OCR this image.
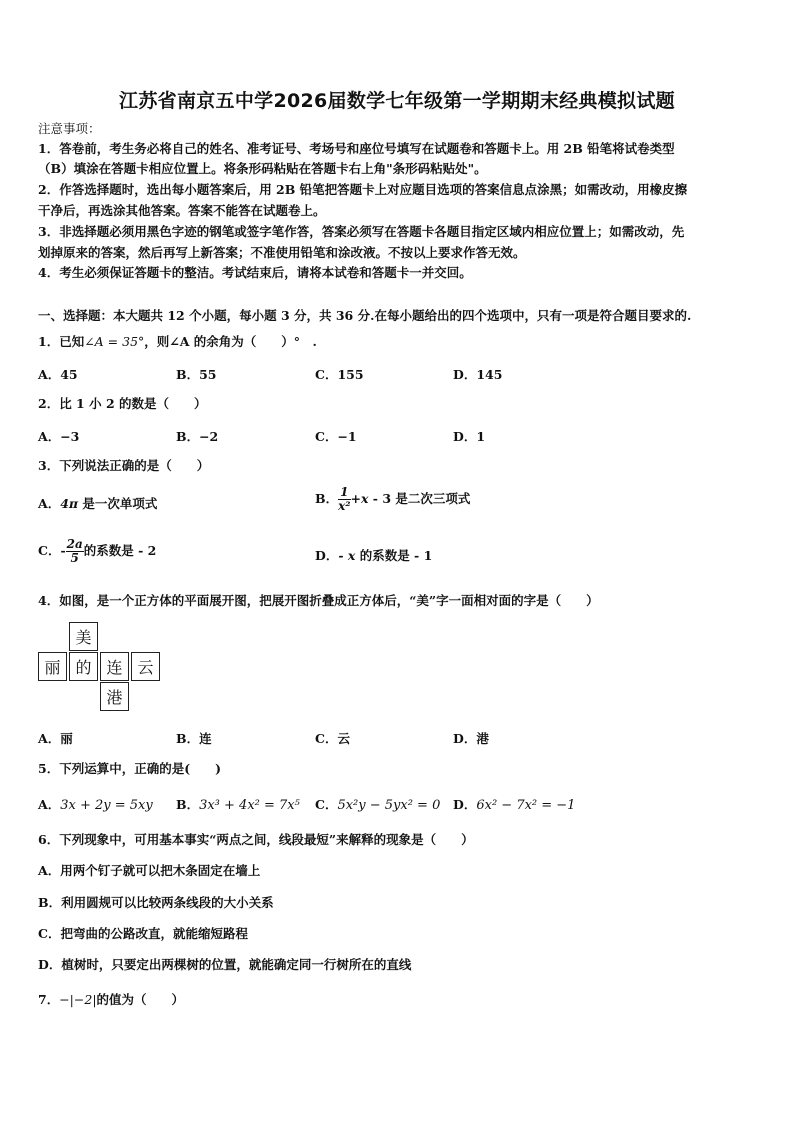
江苏省南京五中学2026届数学七年级第一学期期末经典模拟试题
注意事项：
1．答卷前，考生务必将自己的姓名、准考证号、考场号和座位号填写在试题卷和答题卡上。用 2B 铅笔将试卷类型
（B）填涂在答题卡相应位置上。将条形码粘贴在答题卡右上角"条形码粘贴处"。
2．作答选择题时，选出每小题答案后，用 2B 铅笔把答题卡上对应题目选项的答案信息点涂黑；如需改动，用橡皮擦
干净后，再选涂其他答案。答案不能答在试题卷上。
3．非选择题必须用黑色字迹的钢笔或签字笔作答，答案必须写在答题卡各题目指定区域内相应位置上；如需改动，先
划掉原来的答案，然后再写上新答案；不准使用铅笔和涂改液。不按以上要求作答无效。
4．考生必须保证答题卡的整洁。考试结束后，请将本试卷和答题卡一并交回。
一、选择题：本大题共 12 个小题，每小题 3 分，共 36 分.在每小题给出的四个选项中，只有一项是符合题目要求的.
1．已知∠A = 35°，则∠A 的余角为（　　）°　.
A．45	B．55	C．155	D．145
2．比 1 小 2 的数是（　　）
A．−3	B．−2	C．−1	D．1
3．下列说法正确的是（　　）
A．4π 是一次单项式	B． $\frac{1}{\text{x²}} +x - 3$ 是二次三项式
C．- $\frac{2a}{5}$ 的系数是 - 2	D．- x 的系数是 - 1
4．如图，是一个正方体的平面展开图，把展开图折叠成正方体后，“美”字一面相对面的字是（　　）
美
丽 的 连 云
港
A．丽	B．连	C．云	D．港
5．下列运算中，正确的是(　　)
A．3x + 2y = 5xy B．3x³ + 4x² = 7x⁵ C．5x²y − 5yx² = 0 D．6x² − 7x² = −1
6．下列现象中，可用基本事实“两点之间，线段最短”来解释的现象是（　　）
A．用两个钉子就可以把木条固定在墙上
B．利用圆规可以比较两条线段的大小关系
C．把弯曲的公路改直，就能缩短路程
D．植树时，只要定出两棵树的位置，就能确定同一行树所在的直线
7．−|−2|的值为（　　）
